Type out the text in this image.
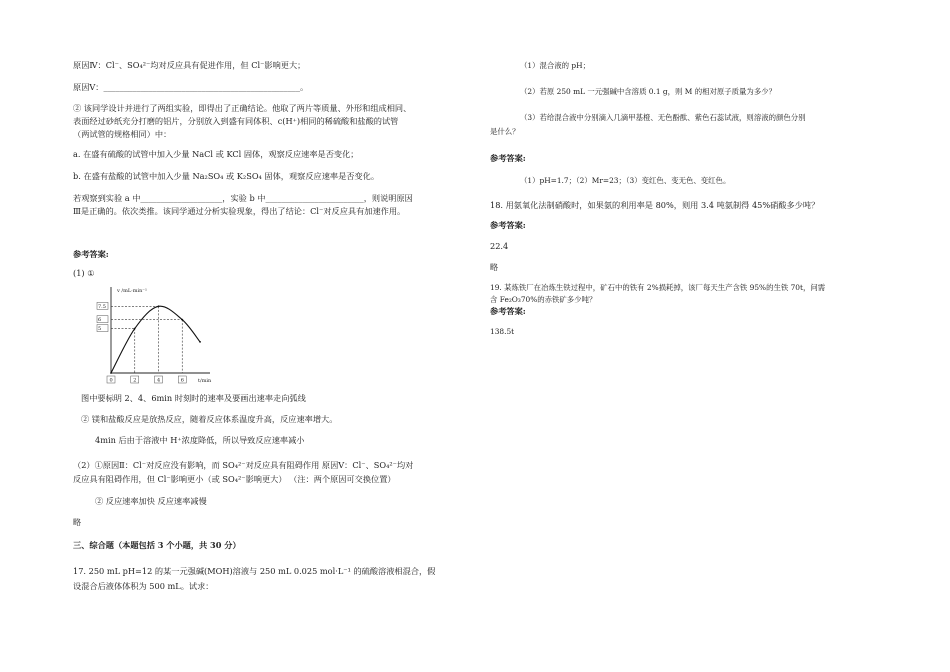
原因Ⅳ：Cl⁻、SO₄²⁻均对反应具有促进作用，但 Cl⁻影响更大；
原因Ⅴ：________________________________________________。
② 该同学设计并进行了两组实验，即得出了正确结论。他取了两片等质量、外形和组成相同、
表面经过砂纸充分打磨的铝片，分别放入到盛有同体积、c(H⁺)相同的稀硫酸和盐酸的试管
（两试管的规格相同）中：
a. 在盛有硫酸的试管中加入少量 NaCl 或 KCl 固体，观察反应速率是否变化；
b. 在盛有盐酸的试管中加入少量 Na₂SO₄ 或 K₂SO₄ 固体，观察反应速率是否变化。
若观察到实验 a 中____________________，实验 b 中________________________，则说明原因
Ⅲ是正确的。依次类推。该同学通过分析实验现象，得出了结论：Cl⁻对反应具有加速作用。
参考答案:
(1) ①
v /mL·min⁻¹
t/min
0	2	4	6
7.5
6
5
图中要标明 2、4、6min 时刻时的速率及要画出速率走向弧线
② 镁和盐酸反应是放热反应，随着反应体系温度升高，反应速率增大。
4min 后由于溶液中 H⁺浓度降低，所以导致反应速率减小
（2）①原因Ⅱ：Cl⁻对反应没有影响，而 SO₄²⁻对反应具有阻碍作用 原因Ⅴ：Cl⁻、SO₄²⁻均对
反应具有阻碍作用，但 Cl⁻影响更小（或 SO₄²⁻影响更大） （注：两个原因可交换位置）
② 反应速率加快 反应速率减慢
略
三、综合题（本题包括 3 个小题，共 30 分）
17. 250 mL pH=12 的某一元强碱(MOH)溶液与 250 mL 0.025 mol·L⁻¹ 的硫酸溶液相混合，假
设混合后液体体积为 500 mL。试求：
（1）混合液的 pH；
（2）若原 250 mL 一元强碱中含溶质 0.1 g，则 M 的相对原子质量为多少？
（3）若给混合液中分别滴入几滴甲基橙、无色酚酞、紫色石蕊试液，则溶液的颜色分别
是什么？
参考答案:
（1）pH=1.7；（2）Mr=23；（3）变红色、变无色、变红色。
18. 用氨氧化法制硝酸时，如果氨的利用率是 80%，则用 3.4 吨氨制得 45%硝酸多少吨？
参考答案:
22.4
略
19. 某炼铁厂在冶炼生铁过程中，矿石中的铁有 2%损耗掉，该厂每天生产含铁 95%的生铁 70t，问需
含 Fe₂O₃70%的赤铁矿多少吨？
参考答案:
138.5t
